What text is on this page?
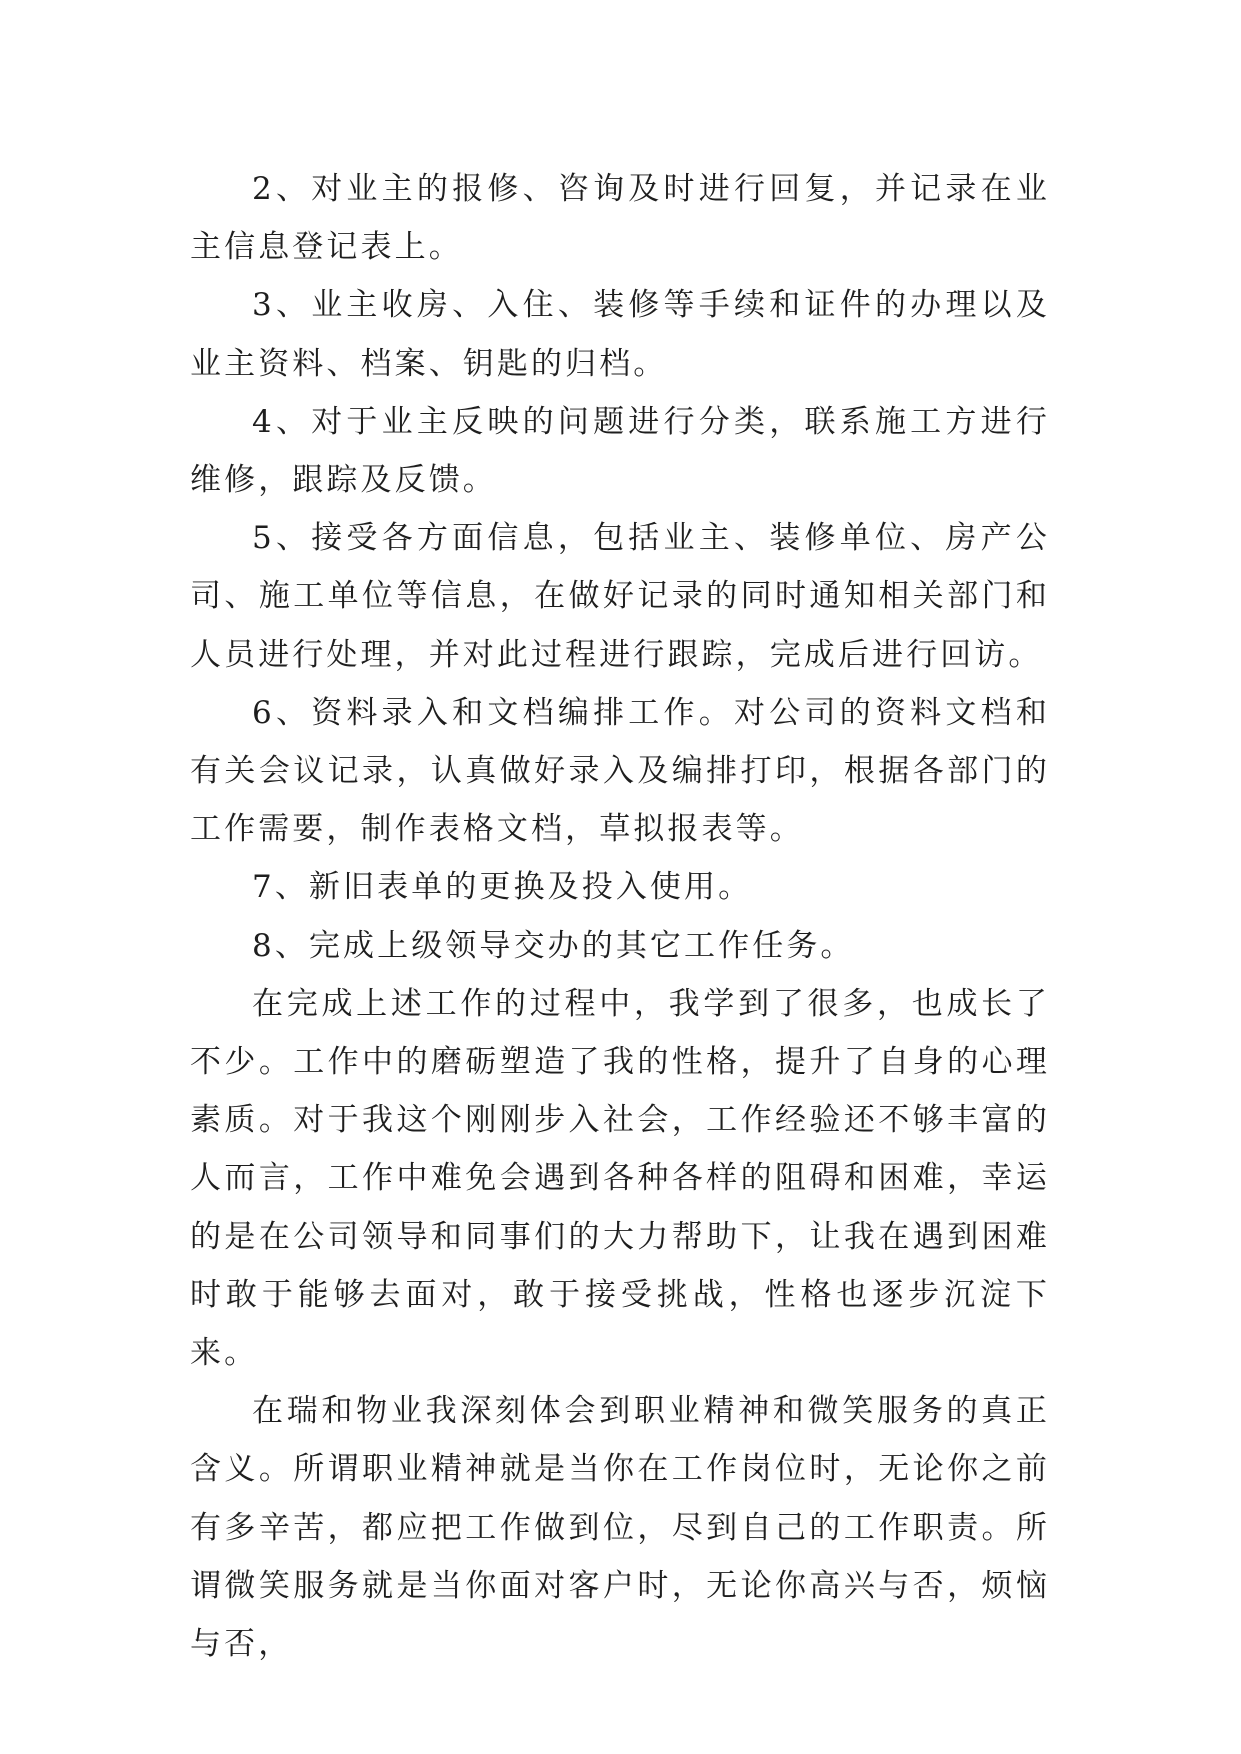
2、对业主的报修、咨询及时进行回复，并记录在业主信息登记表上。

3、业主收房、入住、装修等手续和证件的办理以及业主资料、档案、钥匙的归档。

4、对于业主反映的问题进行分类，联系施工方进行维修，跟踪及反馈。

5、接受各方面信息，包括业主、装修单位、房产公司、施工单位等信息，在做好记录的同时通知相关部门和人员进行处理，并对此过程进行跟踪，完成后进行回访。

6、资料录入和文档编排工作。对公司的资料文档和有关会议记录，认真做好录入及编排打印，根据各部门的工作需要，制作表格文档，草拟报表等。

7、新旧表单的更换及投入使用。

8、完成上级领导交办的其它工作任务。

在完成上述工作的过程中，我学到了很多，也成长了不少。工作中的磨砺塑造了我的性格，提升了自身的心理素质。对于我这个刚刚步入社会，工作经验还不够丰富的人而言，工作中难免会遇到各种各样的阻碍和困难，幸运的是在公司领导和同事们的大力帮助下，让我在遇到困难时敢于能够去面对，敢于接受挑战，性格也逐步沉淀下来。

在瑞和物业我深刻体会到职业精神和微笑服务的真正含义。所谓职业精神就是当你在工作岗位时，无论你之前有多辛苦，都应把工作做到位，尽到自己的工作职责。所谓微笑服务就是当你面对客户时，无论你高兴与否，烦恼与否，
